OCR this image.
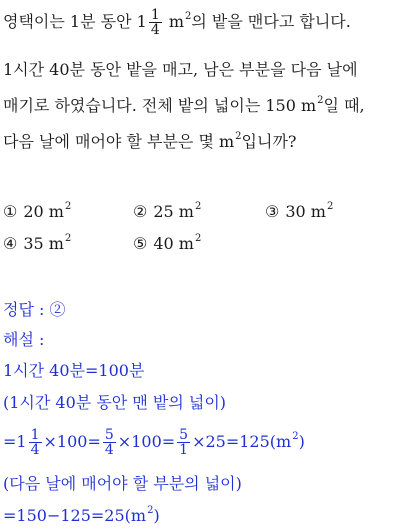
영택이는 1분 동안 $1 \frac{1}{4} m^2$의 밭을 맨다고 합니다.
1시간 40분 동안 밭을 매고, 남은 부분을 다음 날에
매기로 하였습니다. 전체 밭의 넓이는 150 $m^2$일 때,
다음 날에 매어야 할 부분은 몇 $m^2$입니까?
① 20 $m^2$	② 25 $m^2$	③ 30 $m^2$
④ 35 $m^2$	⑤ 40 $m^2$
정답 : ②
해설 :
1시간 40분=100분
(1시간 40분 동안 맨 밭의 넓이)
$=1 \frac{1}{4} \times 100= \frac{5}{4} \times 100= \frac{5}{1} \times 25=125(m^2)$
(다음 날에 매어야 할 부분의 넓이)
$=150-125=25(m^2)$
